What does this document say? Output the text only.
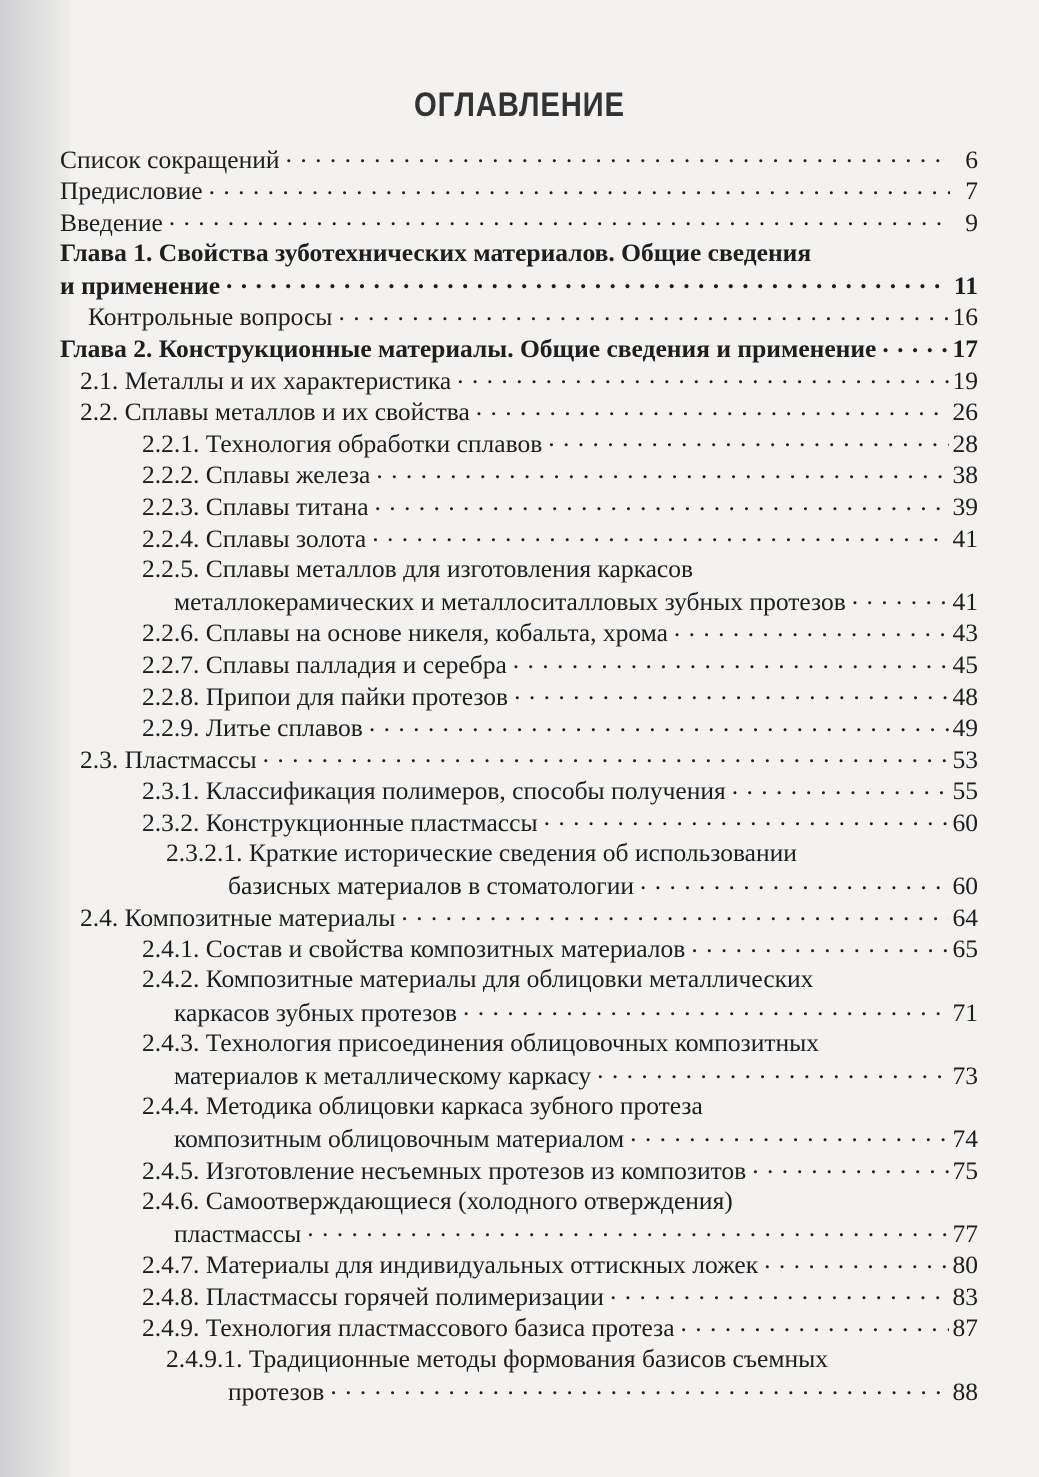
ОГЛАВЛЕНИЕ
Список сокращений . . .	6
Предисловие . . .	7
Введение . . .	9
Глава 1. Свойства зуботехнических материалов. Общие сведения
и применение . . .	11
Контрольные вопросы . . .	16
Глава 2. Конструкционные материалы. Общие сведения и применение . . .	17
2.1. Металлы и их характеристика . . .	19
2.2. Сплавы металлов и их свойства . . .	26
2.2.1. Технология обработки сплавов . . .	28
2.2.2. Сплавы железа . . .	38
2.2.3. Сплавы титана . . .	39
2.2.4. Сплавы золота . . .	41
2.2.5. Сплавы металлов для изготовления каркасов
металлокерамических и металлоситалловых зубных протезов . . .	41
2.2.6. Сплавы на основе никеля, кобальта, хрома . . .	43
2.2.7. Сплавы палладия и серебра . . .	45
2.2.8. Припои для пайки протезов . . .	48
2.2.9. Литье сплавов . . .	49
2.3. Пластмассы . . .	53
2.3.1. Классификация полимеров, способы получения . . .	55
2.3.2. Конструкционные пластмассы . . .	60
2.3.2.1. Краткие исторические сведения об использовании
базисных материалов в стоматологии . . .	60
2.4. Композитные материалы . . .	64
2.4.1. Состав и свойства композитных материалов . . .	65
2.4.2. Композитные материалы для облицовки металлических
каркасов зубных протезов . . .	71
2.4.3. Технология присоединения облицовочных композитных
материалов к металлическому каркасу . . .	73
2.4.4. Методика облицовки каркаса зубного протеза
композитным облицовочным материалом . . .	74
2.4.5. Изготовление несъемных протезов из композитов . . .	75
2.4.6. Самоотверждающиеся (холодного отверждения)
пластмассы . . .	77
2.4.7. Материалы для индивидуальных оттискных ложек . . .	80
2.4.8. Пластмассы горячей полимеризации . . .	83
2.4.9. Технология пластмассового базиса протеза . . .	87
2.4.9.1. Традиционные методы формования базисов съемных
протезов . . .	88
